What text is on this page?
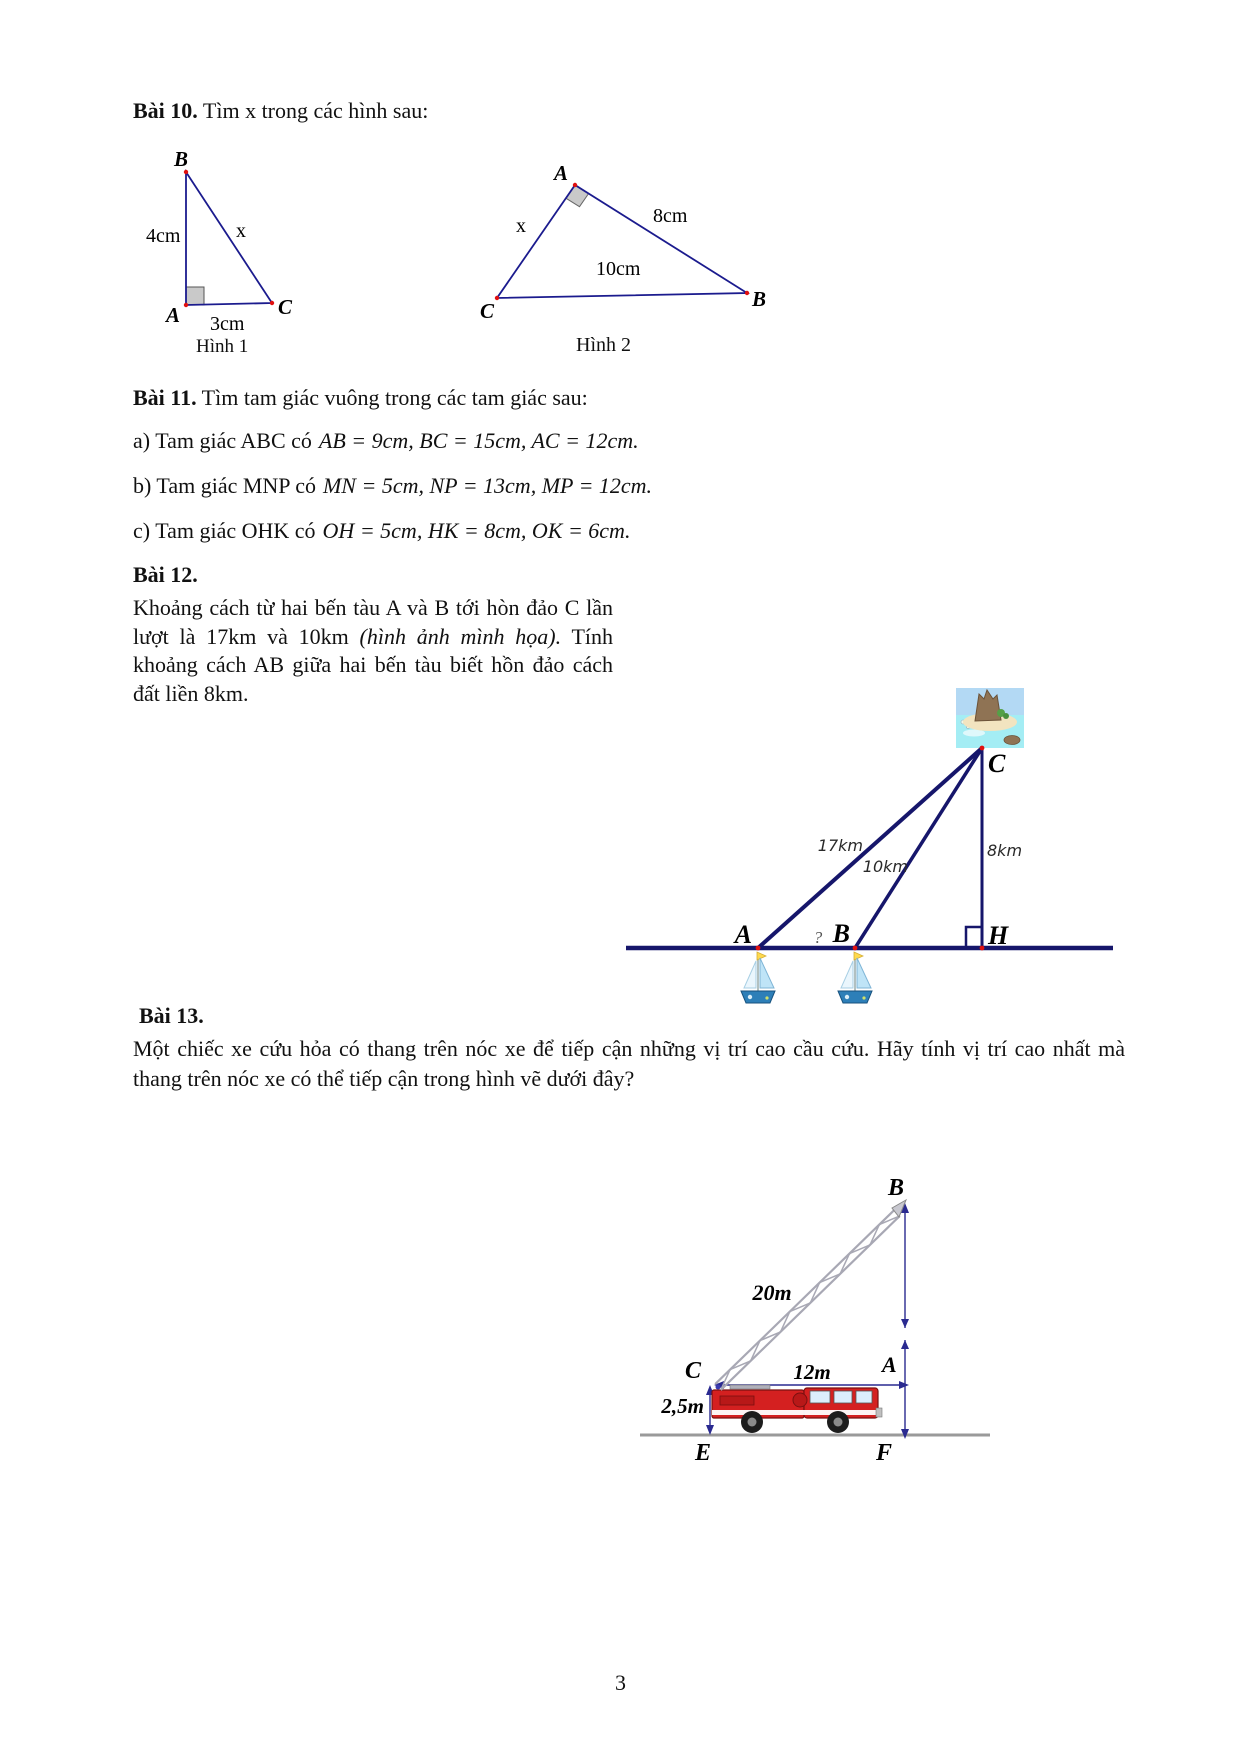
Bài 10. Tìm x trong các hình sau:
B
A	C
4cm	x
3cm
Hình 1
A
C	B
x	8cm
10cm
Hình 2
Bài 11. Tìm tam giác vuông trong các tam giác sau:
a) Tam giác ABC có AB = 9cm, BC = 15cm, AC = 12cm.
b) Tam giác MNP có MN = 5cm, NP = 13cm, MP = 12cm.
c) Tam giác OHK có OH = 5cm, HK = 8cm, OK = 6cm.
Bài 12.
Khoảng cách từ hai bến tàu A và B tới hòn đảo C lần lượt là 17km và 10km (hình ảnh mình họa). Tính khoảng cách AB giữa hai bến tàu biết hồn đảo cách đất liền 8km.
C
A	B	H
?
17km
10km
8km
Bài 13.
Một chiếc xe cứu hỏa có thang trên nóc xe để tiếp cận những vị trí cao cầu cứu. Hãy tính vị trí cao nhất mà thang trên nóc xe có thể tiếp cận trong hình vẽ dưới đây?
B
C	A
E	F
20m
12m
2,5m
3
